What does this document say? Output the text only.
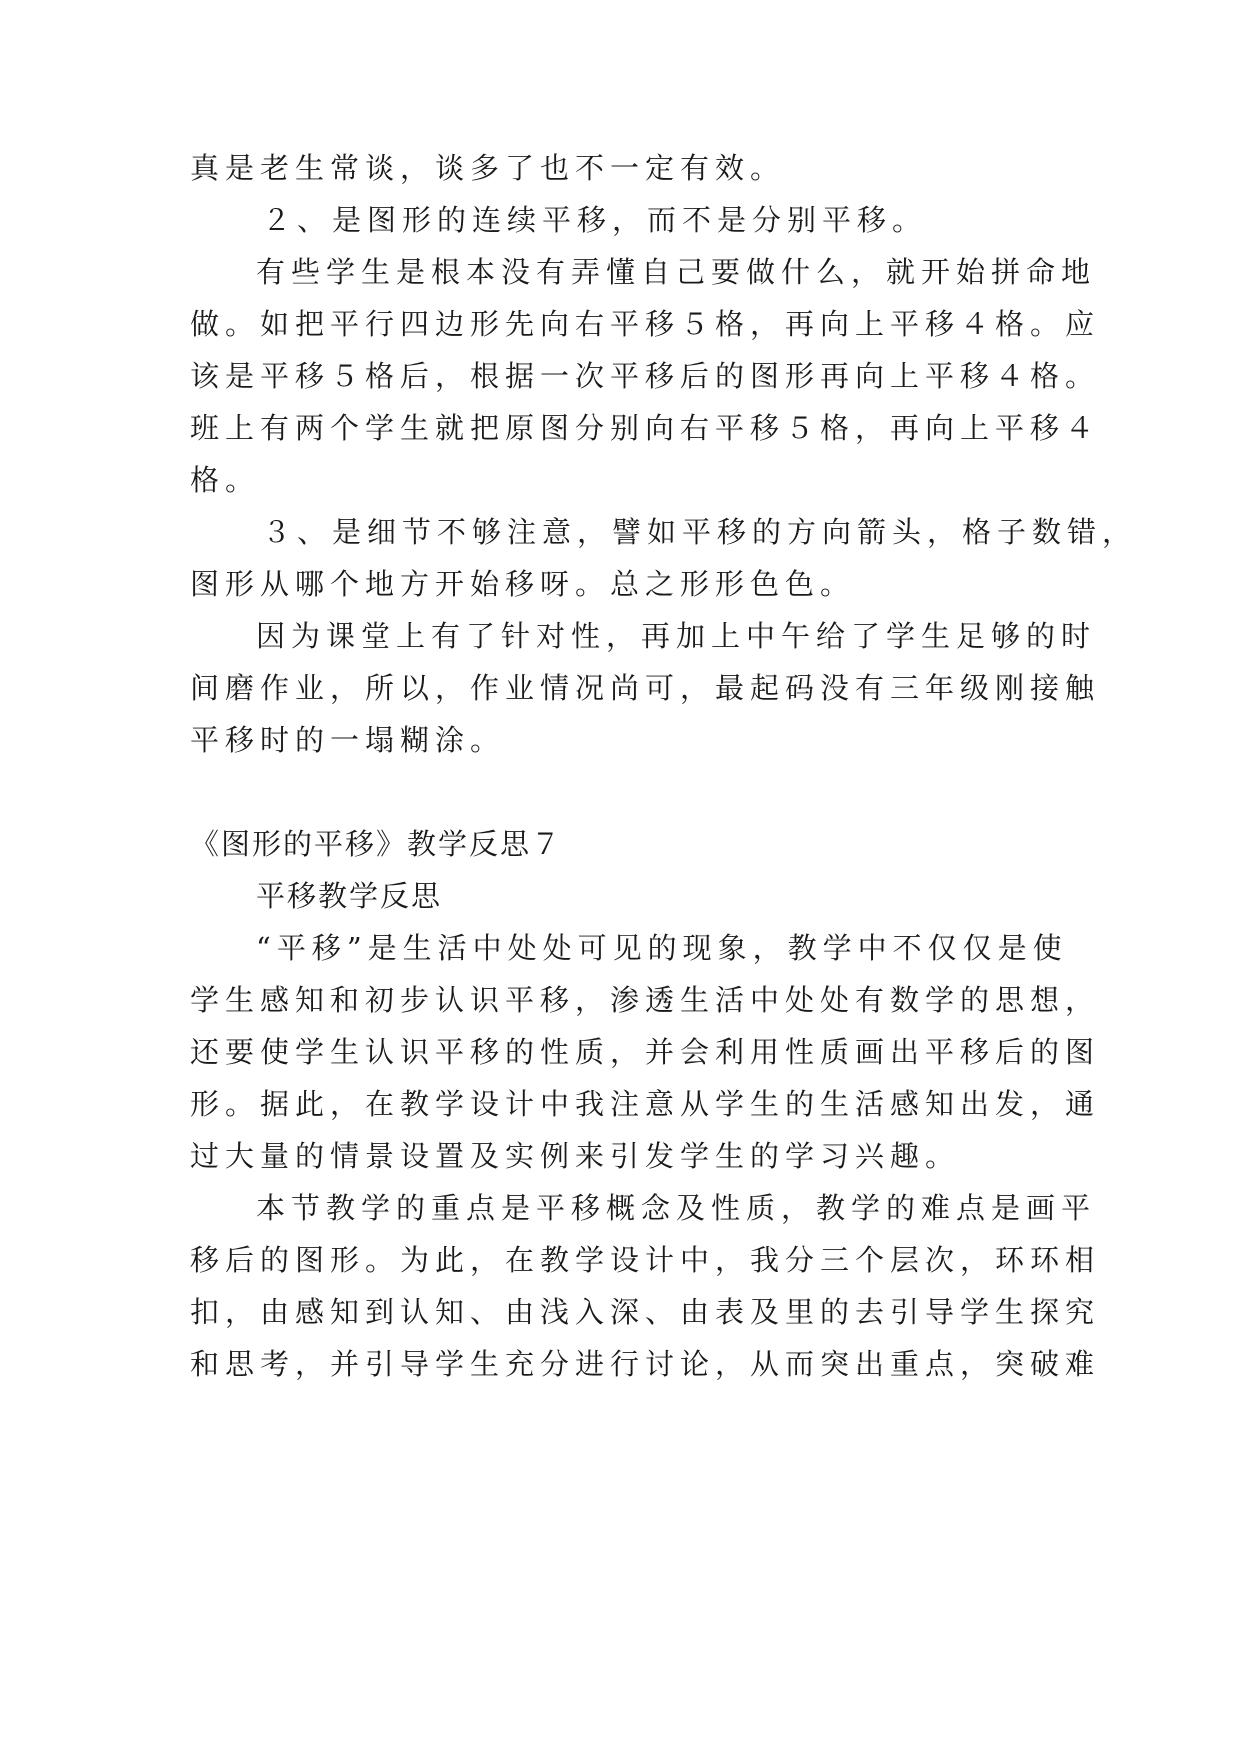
真是老生常谈，谈多了也不一定有效。
２、是图形的连续平移，而不是分别平移。
有些学生是根本没有弄懂自己要做什么，就开始拼命地
做。如把平行四边形先向右平移５格，再向上平移４格。应
该是平移５格后，根据一次平移后的图形再向上平移４格。
班上有两个学生就把原图分别向右平移５格，再向上平移４
格。
３、是细节不够注意，譬如平移的方向箭头，格子数错，
图形从哪个地方开始移呀。总之形形色色。
因为课堂上有了针对性，再加上中午给了学生足够的时
间磨作业，所以，作业情况尚可，最起码没有三年级刚接触
平移时的一塌糊涂。
《图形的平移》教学反思７
平移教学反思
“平移”是生活中处处可见的现象，教学中不仅仅是使
学生感知和初步认识平移，渗透生活中处处有数学的思想，
还要使学生认识平移的性质，并会利用性质画出平移后的图
形。据此，在教学设计中我注意从学生的生活感知出发，通
过大量的情景设置及实例来引发学生的学习兴趣。
本节教学的重点是平移概念及性质，教学的难点是画平
移后的图形。为此，在教学设计中，我分三个层次，环环相
扣，由感知到认知、由浅入深、由表及里的去引导学生探究
和思考，并引导学生充分进行讨论，从而突出重点，突破难
